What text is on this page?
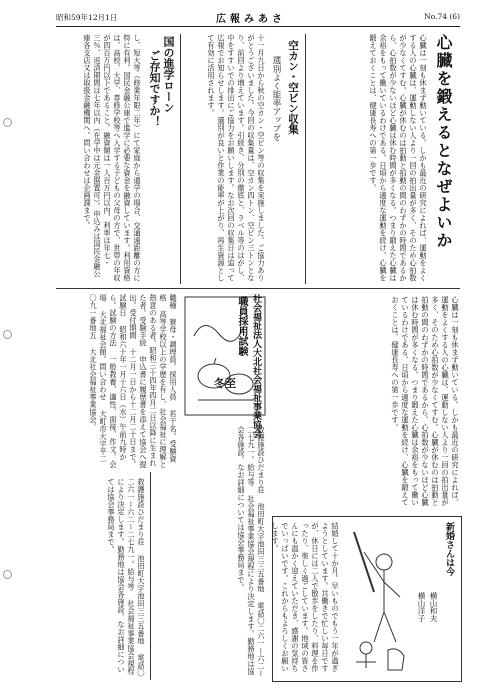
昭和59年12月1日	広報みあさ	No.74 (6)
心臓を鍛えるとなぜよいか
心臓は一刻も休まず動いている。しかも最近の研究によれば、運動をよくする人の心臓は、運動しない人より一回の拍出量が多く、そのため心拍数が少なくてすむ。心臓が休むのは拍動と拍動の間のわずかの時間であるから、心拍数が少ないほど心臓は休む時間が多くなる。つまり鍛えた心臓は余裕をもって働いているわけである。日頃から適度な運動を続け、心臓を鍛えておくことは、健康長寿への第一歩です。
空カン・空ビン収集
選別よく能率アップを
十一月九日から秋の空カン・空ビン等の収集を実施しました。ご協力ありがとうございました。今回の収集量は、空カン四トン、空ビン三トンとなり、前回より増えています。引続き、分別の徹底と、ラベル等のはがし、中をすすいでの排出にご協力をお願いします。なお次回の収集日は追って広報でお知らせします。選別が良いと作業の能率が上がり、再生資源として有効に活用されます。
国の進学ローン
ご存知ですか！
し、短大等（修業年限二年）にて家庭から通学の場合、交通遠距離の方に特に有利。国民金融公庫で進学に必要な資金を融資しています。利用資格は、高校、大学、専修学校等へ入学する子どもの父母の方で、世帯の年収が四百万円以下であること。融資額は一人百万円以内、利率は年七・三％、返済期間は七年以内（在学中は元金据置可）。申込みは国民金融公庫各支店又は取扱金融機関へ。問い合わせは企画課まで。
冬至 社会福祉法人大北社会福祉事業協会
職員採用試験
職種 寮母・調理員。採用人員 若干名。受験資格 高等学校以上の学歴を有し、社会福祉に理解と熱意のある者。昭和三十四年四月二日以降に生まれた者。受験手続 申込書に履歴書を添えて協会へ提出。受付期間 十二月一日から十二月二十日まで。試験日 昭和六十年一月十六日（水）午前九時から。試験の方法 一般教養、適性、面接、作文。会場 大北福祉会館。問い合わせ 大町市大字平二〇九一番地五 大北社会福祉事業協会。	心臓は一刻も休まず動いている。しかも最近の研究によれば、運動をよくする人の心臓は、運動しない人より一回の拍出量が多く、そのため心拍数が少なくてすむ。心臓が休むのは拍動と拍動の間のわずかの時間であるから、心拍数が少ないほど心臓は休む時間が多くなる。つまり鍛えた心臓は余裕をもって働いているわけである。日頃から適度な運動を続け、心臓を鍛えておくことは、健康長寿への第一歩です。
救護施設ひだまり荘 池田町大字池田三三五番地 電話〇二六一ー六二ー二七九一。給与等 社会福祉事業協会規程により決定します。勤務地は協会各施設。なお詳細については協会事務局まで。	救護施設ひだまり荘 池田町大字池田三三五番地 電話〇二六一ー六二ー二七九一。給与等 社会福祉事業協会規程により決定します。勤務地は協会各施設。なお詳細については協会事務局まで。	新婚さんは今
横山和夫
横山洋子
結婚して十か月。早いものでもう一年が過ぎようとしています。共働きで忙しい毎日ですが、休日には二人で散歩をしたり、料理を作ったり、楽しく過ごしています。地域の皆さんにも温かく迎えていただき、感謝の気持ちでいっぱいです。これからもよろしくお願いします。
